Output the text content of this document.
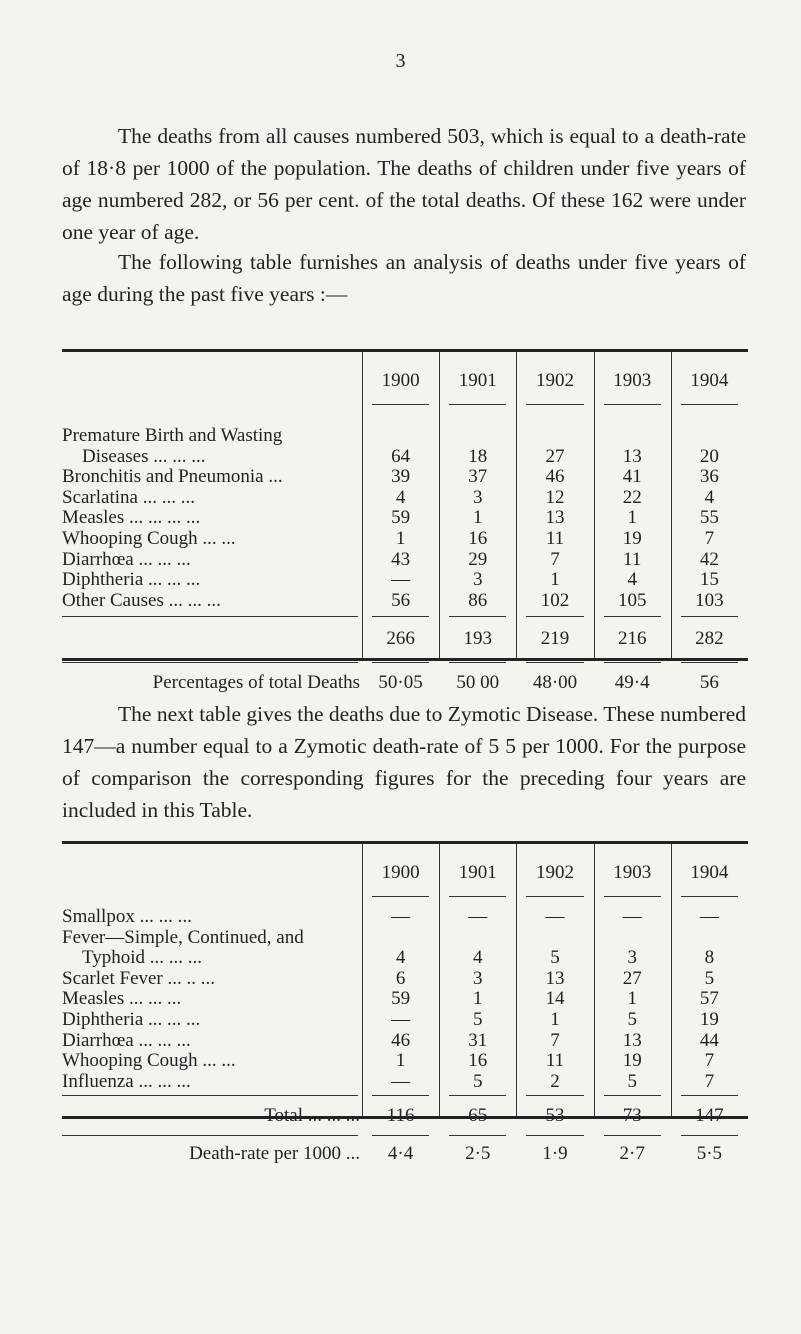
3

The deaths from all causes numbered 503, which is equal to a death-rate of 18·8 per 1000 of the population. The deaths of children under five years of age numbered 282, or 56 per cent. of the total deaths. Of these 162 were under one year of age.

The following table furnishes an analysis of deaths under five years of age during the past five years :—

1900	1901	1902	1903	1904
Premature Birth and Wasting
Diseases ... ... ...	64	18	27	13	20
Bronchitis and Pneumonia ...	39	37	46	41	36
Scarlatina ... ... ...	4	3	12	22	4
Measles ... ... ... ...	59	1	13	1	55
Whooping Cough ... ...	1	16	11	19	7
Diarrhœa ... ... ...	43	29	7	11	42
Diphtheria ... ... ...	—	3	1	4	15
Other Causes ... ... ...	56	86	102	105	103
266	193	219	216	282
Percentages of total Deaths 50·05	50 00	48·00	49·4	56

The next table gives the deaths due to Zymotic Disease. These numbered 147—a number equal to a Zymotic death-rate of 5 5 per 1000. For the purpose of comparison the corresponding figures for the preceding four years are included in this Table.

1900	1901	1902	1903	1904
Smallpox ... ... ...	—	—	—	—	—
Fever—Simple, Continued, and
Typhoid ... ... ...	4	4	5	3	8
Scarlet Fever ... .. ...	6	3	13	27	5
Measles ... ... ...	59	1	14	1	57
Diphtheria ... ... ...	—	5	1	5	19
Diarrhœa ... ... ...	46	31	7	13	44
Whooping Cough ... ...	1	16	11	19	7
Influenza ... ... ...	—	5	2	5	7
Total ... ... ...	116	65	53	73	147
Death-rate per 1000 ...	4·4	2·5	1·9	2·7	5·5
